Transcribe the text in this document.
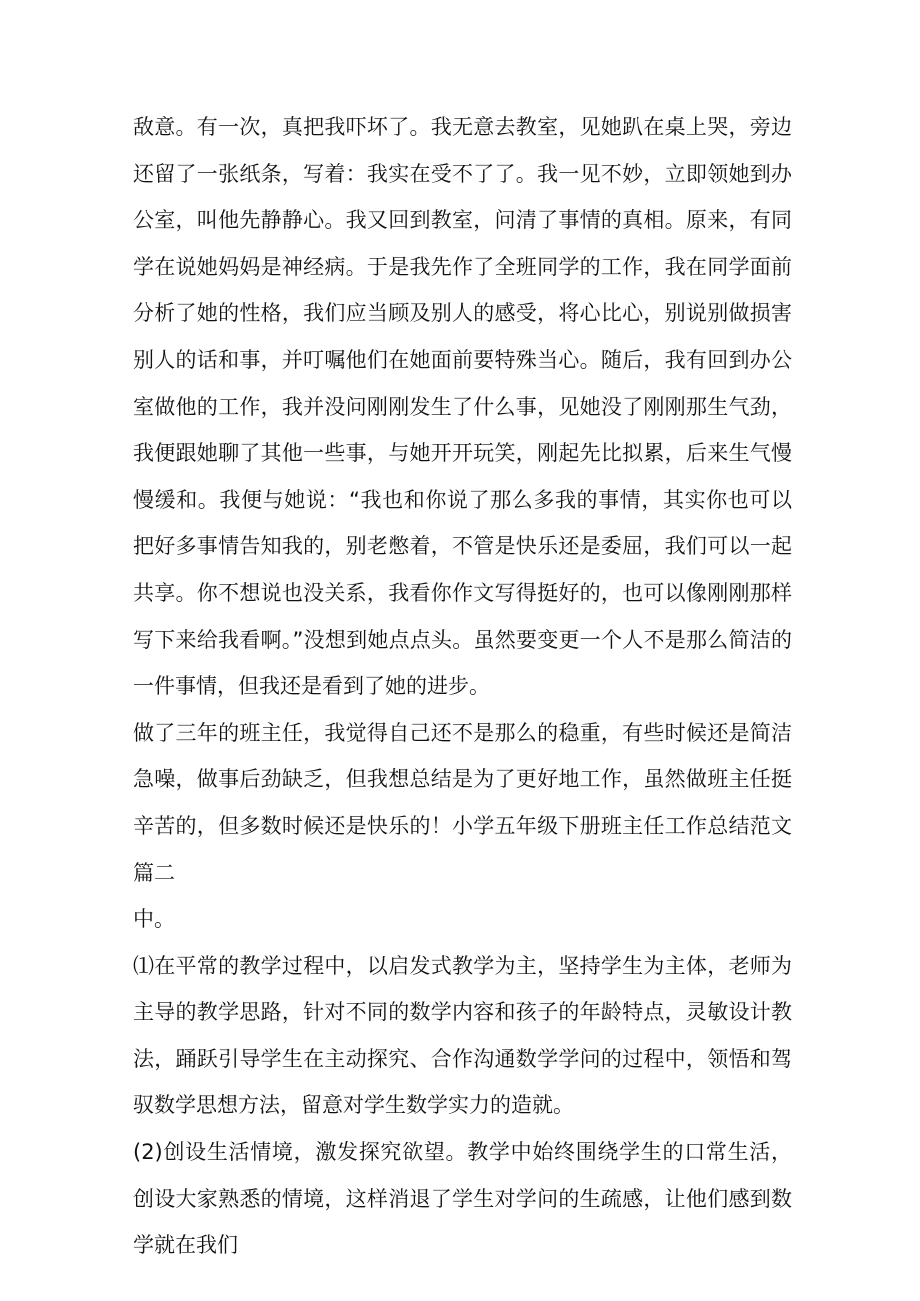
敌意。有一次，真把我吓坏了。我无意去教室，见她趴在桌上哭，旁边还留了一张纸条，写着：我实在受不了了。我一见不妙，立即领她到办公室，叫他先静静心。我又回到教室，问清了事情的真相。原来，有同学在说她妈妈是神经病。于是我先作了全班同学的工作，我在同学面前分析了她的性格，我们应当顾及别人的感受，将心比心，别说别做损害别人的话和事，并叮嘱他们在她面前要特殊当心。随后，我有回到办公室做他的工作，我并没问刚刚发生了什么事，见她没了刚刚那生气劲，我便跟她聊了其他一些事，与她开开玩笑，刚起先比拟累，后来生气慢慢缓和。我便与她说：“我也和你说了那么多我的事情，其实你也可以把好多事情告知我的，别老憋着，不管是快乐还是委屈，我们可以一起共享。你不想说也没关系，我看你作文写得挺好的，也可以像刚刚那样写下来给我看啊。”没想到她点点头。虽然要变更一个人不是那么简洁的一件事情，但我还是看到了她的进步。

做了三年的班主任，我觉得自己还不是那么的稳重，有些时候还是简洁急噪，做事后劲缺乏，但我想总结是为了更好地工作，虽然做班主任挺辛苦的，但多数时候还是快乐的！小学五年级下册班主任工作总结范文篇二

中。

⑴在平常的教学过程中，以启发式教学为主，坚持学生为主体，老师为主导的教学思路，针对不同的数学内容和孩子的年龄特点，灵敏设计教法，踊跃引导学生在主动探究、合作沟通数学学问的过程中，领悟和驾驭数学思想方法，留意对学生数学实力的造就。

(2)创设生活情境，激发探究欲望。教学中始终围绕学生的口常生活，创设大家熟悉的情境，这样消退了学生对学问的生疏感，让他们感到数学就在我们
